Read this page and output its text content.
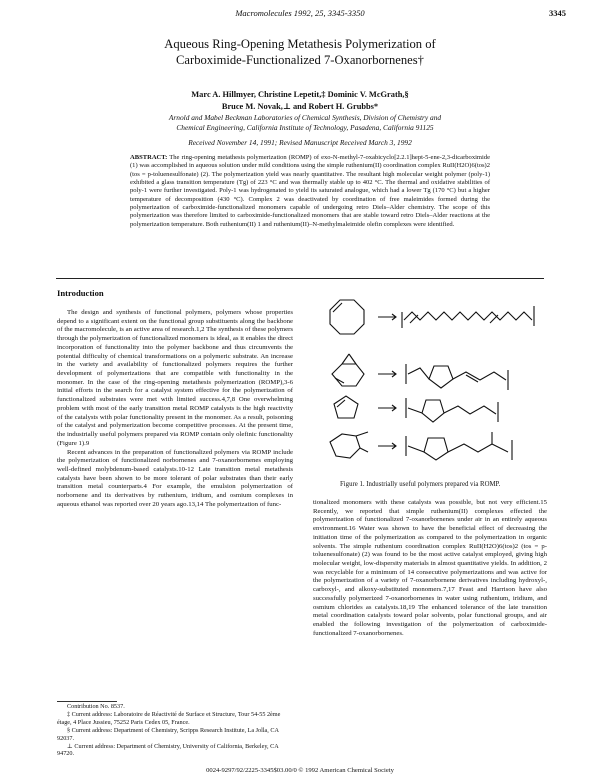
Macromolecules 1992, 25, 3345-3350	3345
Aqueous Ring-Opening Metathesis Polymerization of
Carboximide-Functionalized 7-Oxanorbornenes†
Marc A. Hillmyer, Christine Lepetit,‡ Dominic V. McGrath,§
Bruce M. Novak,⊥ and Robert H. Grubbs*
Arnold and Mabel Beckman Laboratories of Chemical Synthesis, Division of Chemistry and
Chemical Engineering, California Institute of Technology, Pasadena, California 91125
Received November 14, 1991; Revised Manuscript Received March 3, 1992
ABSTRACT: The ring-opening metathesis polymerization (ROMP) of exo-N-methyl-7-oxabicyclo[2.2.1]hept-5-ene-2,3-dicarboximide (1) was accomplished in aqueous solution under mild conditions using the simple ruthenium(II) coordination complex RuII(H2O)6(tos)2 (tos = p-toluenesulfonate) (2). The polymerization yield was nearly quantitative. The resultant high molecular weight polymer (poly-1) exhibited a glass transition temperature (Tg) of 223 °C and was thermally stable up to 402 °C. The thermal and oxidative stabilities of poly-1 were further investigated. Poly-1 was hydrogenated to yield its saturated analogue, which had a lower Tg (170 °C) but a higher temperature of decomposition (430 °C). Complex 2 was deactivated by coordination of free maleimides formed during the polymerization of carboximide-functionalized monomers capable of undergoing retro Diels–Alder chemistry. The scope of this polymerization was therefore limited to carboximide-functionalized monomers that are stable toward retro Diels–Alder reactions at the polymerization temperature. Both ruthenium(II) 1 and ruthenium(II)–N-methylmaleimide olefin complexes were identified.
Introduction

The design and synthesis of functional polymers, polymers whose properties depend to a significant extent on the functional group substituents along the backbone of the macromolecule, is an active area of research.1,2 The synthesis of these polymers through the polymerization of functionalized monomers is ideal, as it enables the direct incorporation of functionality into the polymer backbone and thus circumvents the potential difficulty of chemical transformations on a polymeric substrate. An increase in the variety and availability of functionalized polymers requires the further development of polymerizations that are compatible with functionality in the monomer. In the case of the ring-opening metathesis polymerization (ROMP),3-6 initial efforts in the search for a catalyst system effective for the polymerization of functionalized substrates were met with limited success.4,7,8 One overwhelming problem with most of the early transition metal ROMP catalysts is the high reactivity of the catalysts with polar functionality present in the monomer. As a result, poisoning of the catalyst and polymerization become competitive processes. At the present time, the industrially useful polymers prepared via ROMP contain only olefinic functionality (Figure 1).9

Recent advances in the preparation of functionalized polymers via ROMP include the polymerization of functionalized norbornenes and 7-oxanorbornenes employing well-defined molybdenum-based catalysts.10-12 Late transition metal metathesis catalysts have been shown to be more tolerant of polar substrates than their early transition metal counterparts.4 For example, the emulsion polymerization of norbornene and its derivatives by ruthenium, iridium, and osmium complexes in aqueous ethanol was reported over 20 years ago.13,14 The polymerization of func-

Contribution No. 8537.

‡ Current address: Laboratoire de Réactivité de Surface et Structure, Tour 54-55 2ème étage, 4 Place Jussieu, 75252 Paris Cedex 05, France.

§ Current address: Department of Chemistry, Scripps Research Institute, La Jolla, CA 92037.

⊥ Current address: Department of Chemistry, University of California, Berkeley, CA 94720.

Figure 1. Industrially useful polymers prepared via ROMP.

tionalized monomers with these catalysts was possible, but not very efficient.15 Recently, we reported that simple ruthenium(II) complexes effected the polymerization of functionalized 7-oxanorbornenes under air in an entirely aqueous environment.16 Water was shown to have the beneficial effect of decreasing the initiation time of the polymerization as compared to the polymerization in organic solvents. The simple ruthenium coordination complex RuII(H2O)6(tos)2 (tos = p-toluenesulfonate) (2) was found to be the most active catalyst employed, giving high molecular weight, low-dispersity materials in almost quantitative yields. In addition, 2 was recyclable for a minimum of 14 consecutive polymerizations and was active for the polymerization of a variety of 7-oxanorbornene derivatives including hydroxyl-, carboxyl-, and alkoxy-substituted monomers.7,17 Feast and Harrison have also successfully polymerized 7-oxanorbornenes in water using ruthenium, iridium, and osmium chlorides as catalysts.18,19 The enhanced tolerance of the late transition metal coordination catalysts toward polar solvents, polar functional groups, and air enabled the following investigation of the polymerization of carboximide-functionalized 7-oxanorbornenes.

0024-9297/92/2225-3345$03.00/0 © 1992 American Chemical Society
